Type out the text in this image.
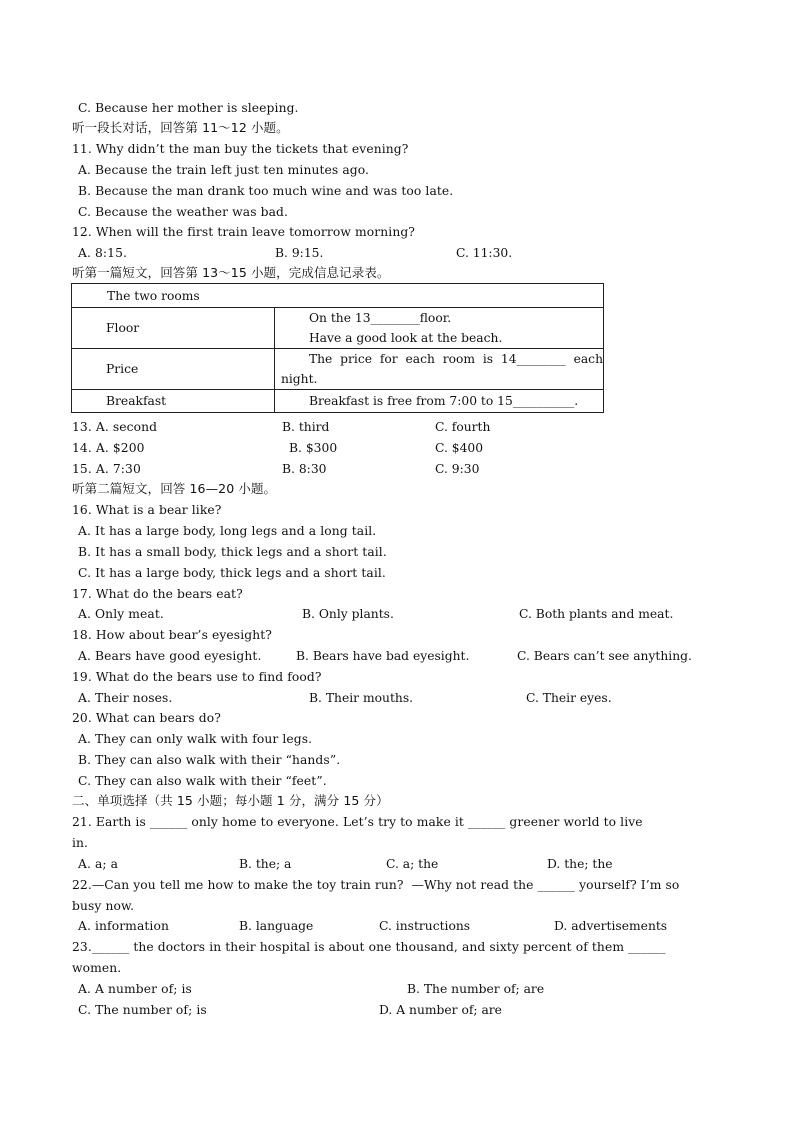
C. Because her mother is sleeping.
听一段长对话，回答第 11～12 小题。
11. Why didn’t the man buy the tickets that evening?
A. Because the train left just ten minutes ago.
B. Because the man drank too much wine and was too late.
C. Because the weather was bad.
12. When will the first train leave tomorrow morning?
A. 8:15.	B. 9:15.	C. 11:30.
听第一篇短文，回答第 13～15 小题，完成信息记录表。
The two rooms	
Floor	On the 13________floor.
Have a good look at the beach.

Price	The  price  for  each  room  is  14________  each
night.

Breakfast	Breakfast is free from 7:00 to 15__________.
13. A. second	B. third	C. fourth
14. A. $200	B. $300	C. $400
15. A. 7:30	B. 8:30	C. 9:30
听第二篇短文，回答 16—20 小题。
16. What is a bear like?
A. It has a large body, long legs and a long tail.
B. It has a small body, thick legs and a short tail.
C. It has a large body, thick legs and a short tail.
17. What do the bears eat?
A. Only meat.	B. Only plants.	C. Both plants and meat.
18. How about bear’s eyesight?
A. Bears have good eyesight.	B. Bears have bad eyesight.	C. Bears can’t see anything.
19. What do the bears use to find food?
A. Their noses.	B. Their mouths.	C. Their eyes.
20. What can bears do?
A. They can only walk with four legs.
B. They can also walk with their “hands”.
C. They can also walk with their “feet”.
二、单项选择（共 15 小题；每小题 1 分，满分 15 分）
21. Earth is ______ only home to everyone. Let’s try to make it ______ greener world to live
in.
A. a; a	B. the; a	C. a; the	D. the; the
22.—Can you tell me how to make the toy train run?  —Why not read the ______ yourself? I’m so
busy now.
A. information	B. language	C. instructions	D. advertisements
23.______ the doctors in their hospital is about one thousand, and sixty percent of them ______
women.
A. A number of; is	B. The number of; are
C. The number of; is	D. A number of; are
